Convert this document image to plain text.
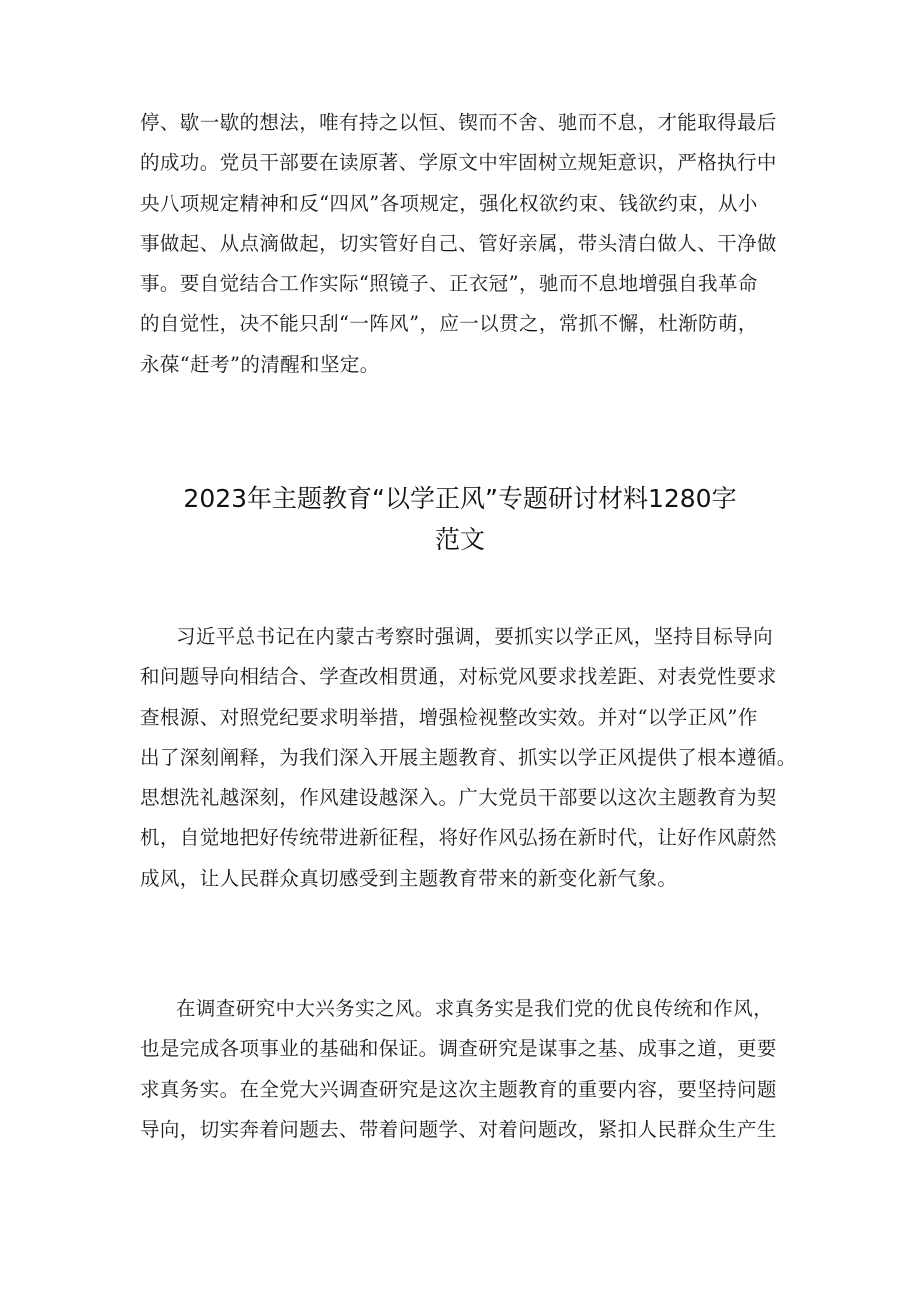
停、歇一歇的想法，唯有持之以恒、锲而不舍、驰而不息，才能取得最后
的成功。党员干部要在读原著、学原文中牢固树立规矩意识，严格执行中
央八项规定精神和反“四风”各项规定，强化权欲约束、钱欲约束，从小
事做起、从点滴做起，切实管好自己、管好亲属，带头清白做人、干净做
事。要自觉结合工作实际“照镜子、正衣冠”，驰而不息地增强自我革命
的自觉性，决不能只刮“一阵风”，应一以贯之，常抓不懈，杜渐防萌，
永葆“赶考”的清醒和坚定。
2023年主题教育“以学正风”专题研讨材料1280字
范文
习近平总书记在内蒙古考察时强调，要抓实以学正风，坚持目标导向
和问题导向相结合、学查改相贯通，对标党风要求找差距、对表党性要求
查根源、对照党纪要求明举措，增强检视整改实效。并对“以学正风”作
出了深刻阐释，为我们深入开展主题教育、抓实以学正风提供了根本遵循。
思想洗礼越深刻，作风建设越深入。广大党员干部要以这次主题教育为契
机，自觉地把好传统带进新征程，将好作风弘扬在新时代，让好作风蔚然
成风，让人民群众真切感受到主题教育带来的新变化新气象。
在调查研究中大兴务实之风。求真务实是我们党的优良传统和作风，
也是完成各项事业的基础和保证。调查研究是谋事之基、成事之道，更要
求真务实。在全党大兴调查研究是这次主题教育的重要内容，要坚持问题
导向，切实奔着问题去、带着问题学、对着问题改，紧扣人民群众生产生
